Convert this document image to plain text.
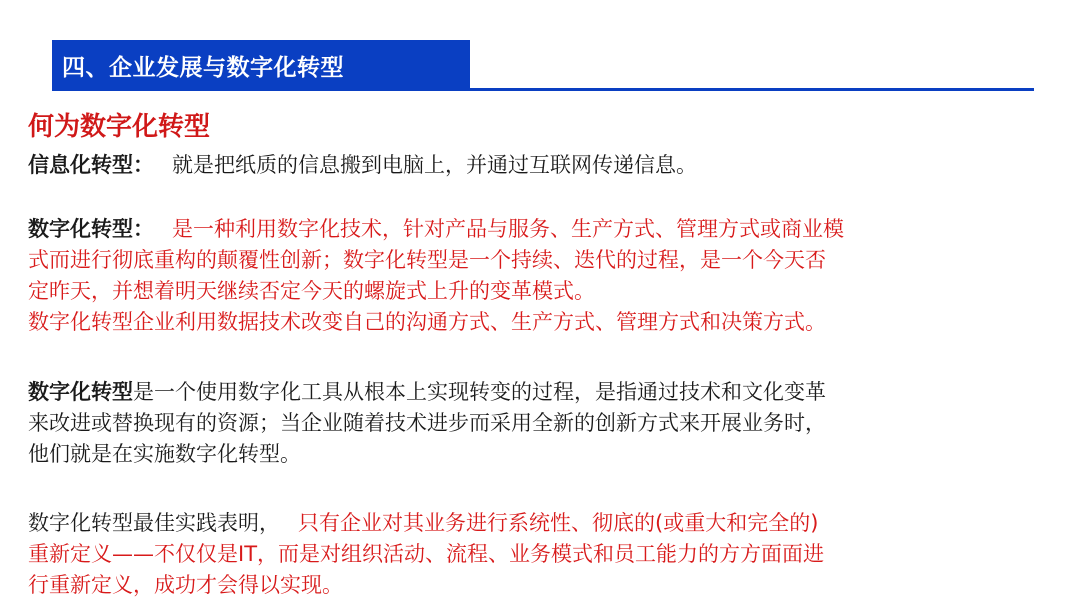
四、企业发展与数字化转型
何为数字化转型
信息化转型： 就是把纸质的信息搬到电脑上，并通过互联网传递信息。
数字化转型： 是一种利用数字化技术，针对产品与服务、生产方式、管理方式或商业模
式而进行彻底重构的颠覆性创新；数字化转型是一个持续、迭代的过程，是一个今天否
定昨天，并想着明天继续否定今天的螺旋式上升的变革模式。
数字化转型企业利用数据技术改变自己的沟通方式、生产方式、管理方式和决策方式。
数字化转型是一个使用数字化工具从根本上实现转变的过程，是指通过技术和文化变革
来改进或替换现有的资源；当企业随着技术进步而采用全新的创新方式来开展业务时，
他们就是在实施数字化转型。
数字化转型最佳实践表明， 只有企业对其业务进行系统性、彻底的(或重大和完全的)
重新定义——不仅仅是IT，而是对组织活动、流程、业务模式和员工能力的方方面面进
行重新定义，成功才会得以实现。
